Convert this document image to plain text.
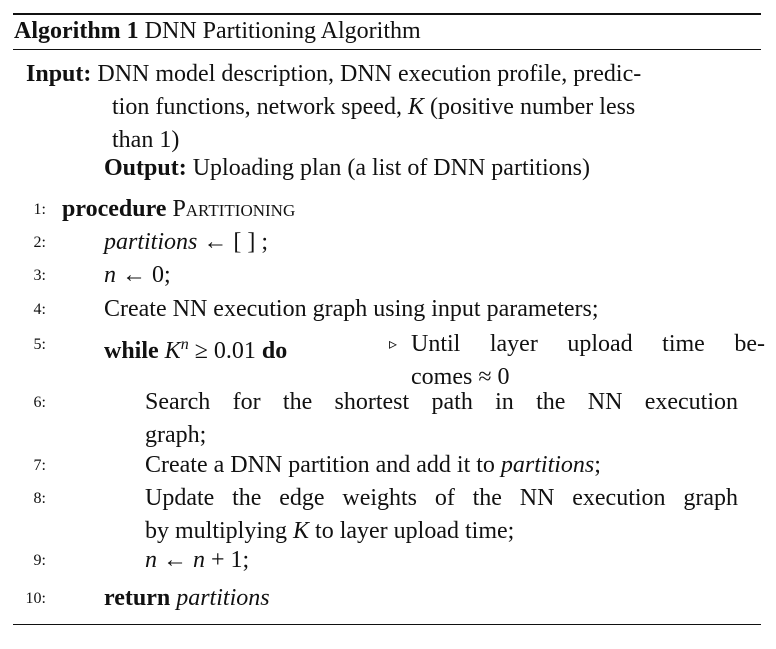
Algorithm 1 DNN Partitioning Algorithm
Input: DNN model description, DNN execution profile, predic-
tion functions, network speed, K (positive number less
than 1)
Output: Uploading plan (a list of DNN partitions)
1: procedure Partitioning
2: partitions ← [ ] ;
3: n ← 0;
4: Create NN execution graph using input parameters;
5: while $K^n \ge 0.01$ do	▹ Until layer upload time be-
comes ≈ 0
6:	Search for the shortest path in the NN execution
graph;
7:	Create a DNN partition and add it to partitions;
8:	Update the edge weights of the NN execution graph
by multiplying K to layer upload time;
9:	n ← n + 1;
10: return partitions
